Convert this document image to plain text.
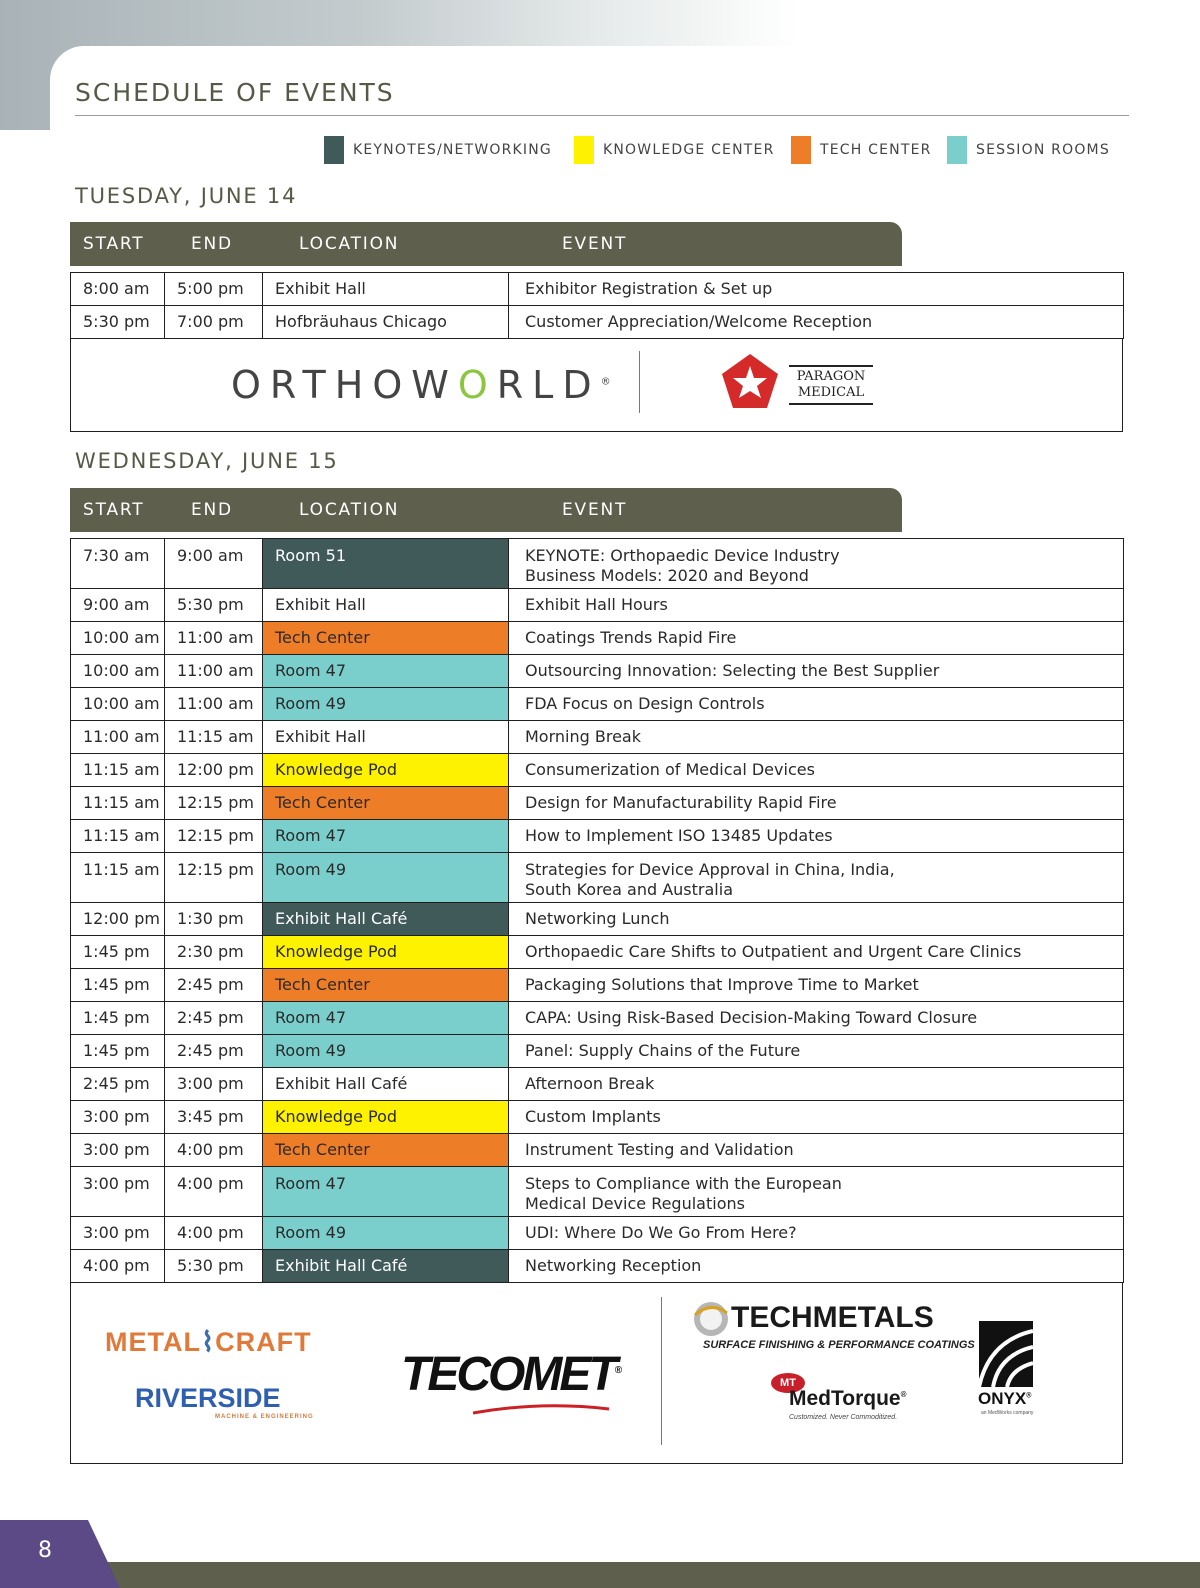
SCHEDULE OF EVENTS
KEYNOTES/NETWORKING	KNOWLEDGE CENTER	TECH CENTER	SESSION ROOMS
TUESDAY, JUNE 14
START	END	LOCATION	EVENT
8:00 am	5:00 pm	Exhibit Hall	Exhibitor Registration & Set up
5:30 pm	7:00 pm	Hofbräuhaus Chicago	Customer Appreciation/Welcome Reception
ORTHOWORLD®	PARAGON
MEDICAL
WEDNESDAY, JUNE 15
START	END	LOCATION	EVENT
7:30 am	9:00 am	Room 51	KEYNOTE: Orthopaedic Device Industry
Business Models: 2020 and Beyond

9:00 am	5:30 pm	Exhibit Hall	Exhibit Hall Hours
10:00 am	11:00 am	Tech Center	Coatings Trends Rapid Fire
10:00 am	11:00 am	Room 47	Outsourcing Innovation: Selecting the Best Supplier
10:00 am	11:00 am	Room 49	FDA Focus on Design Controls
11:00 am	11:15 am	Exhibit Hall	Morning Break
11:15 am	12:00 pm	Knowledge Pod	Consumerization of Medical Devices
11:15 am	12:15 pm	Tech Center	Design for Manufacturability Rapid Fire
11:15 am	12:15 pm	Room 47	How to Implement ISO 13485 Updates
11:15 am	12:15 pm	Room 49	Strategies for Device Approval in China, India,
South Korea and Australia

12:00 pm	1:30 pm	Exhibit Hall Café	Networking Lunch
1:45 pm	2:30 pm	Knowledge Pod	Orthopaedic Care Shifts to Outpatient and Urgent Care Clinics
1:45 pm	2:45 pm	Tech Center	Packaging Solutions that Improve Time to Market
1:45 pm	2:45 pm	Room 47	CAPA: Using Risk-Based Decision-Making Toward Closure
1:45 pm	2:45 pm	Room 49	Panel: Supply Chains of the Future
2:45 pm	3:00 pm	Exhibit Hall Café	Afternoon Break
3:00 pm	3:45 pm	Knowledge Pod	Custom Implants
3:00 pm	4:00 pm	Tech Center	Instrument Testing and Validation
3:00 pm	4:00 pm	Room 47	Steps to Compliance with the European
Medical Device Regulations

3:00 pm	4:00 pm	Room 49	UDI: Where Do We Go From Here?
4:00 pm	5:30 pm	Exhibit Hall Café	Networking Reception
METAL⌇CRAFT
RIVERSIDE
MACHINE & ENGINEERING
TECOMET®
TECHMETALS
SURFACE FINISHING & PERFORMANCE COATINGS
MT
MedTorque®
Customized. Never Commoditized.
ONYX®
an MedWorks company
8
